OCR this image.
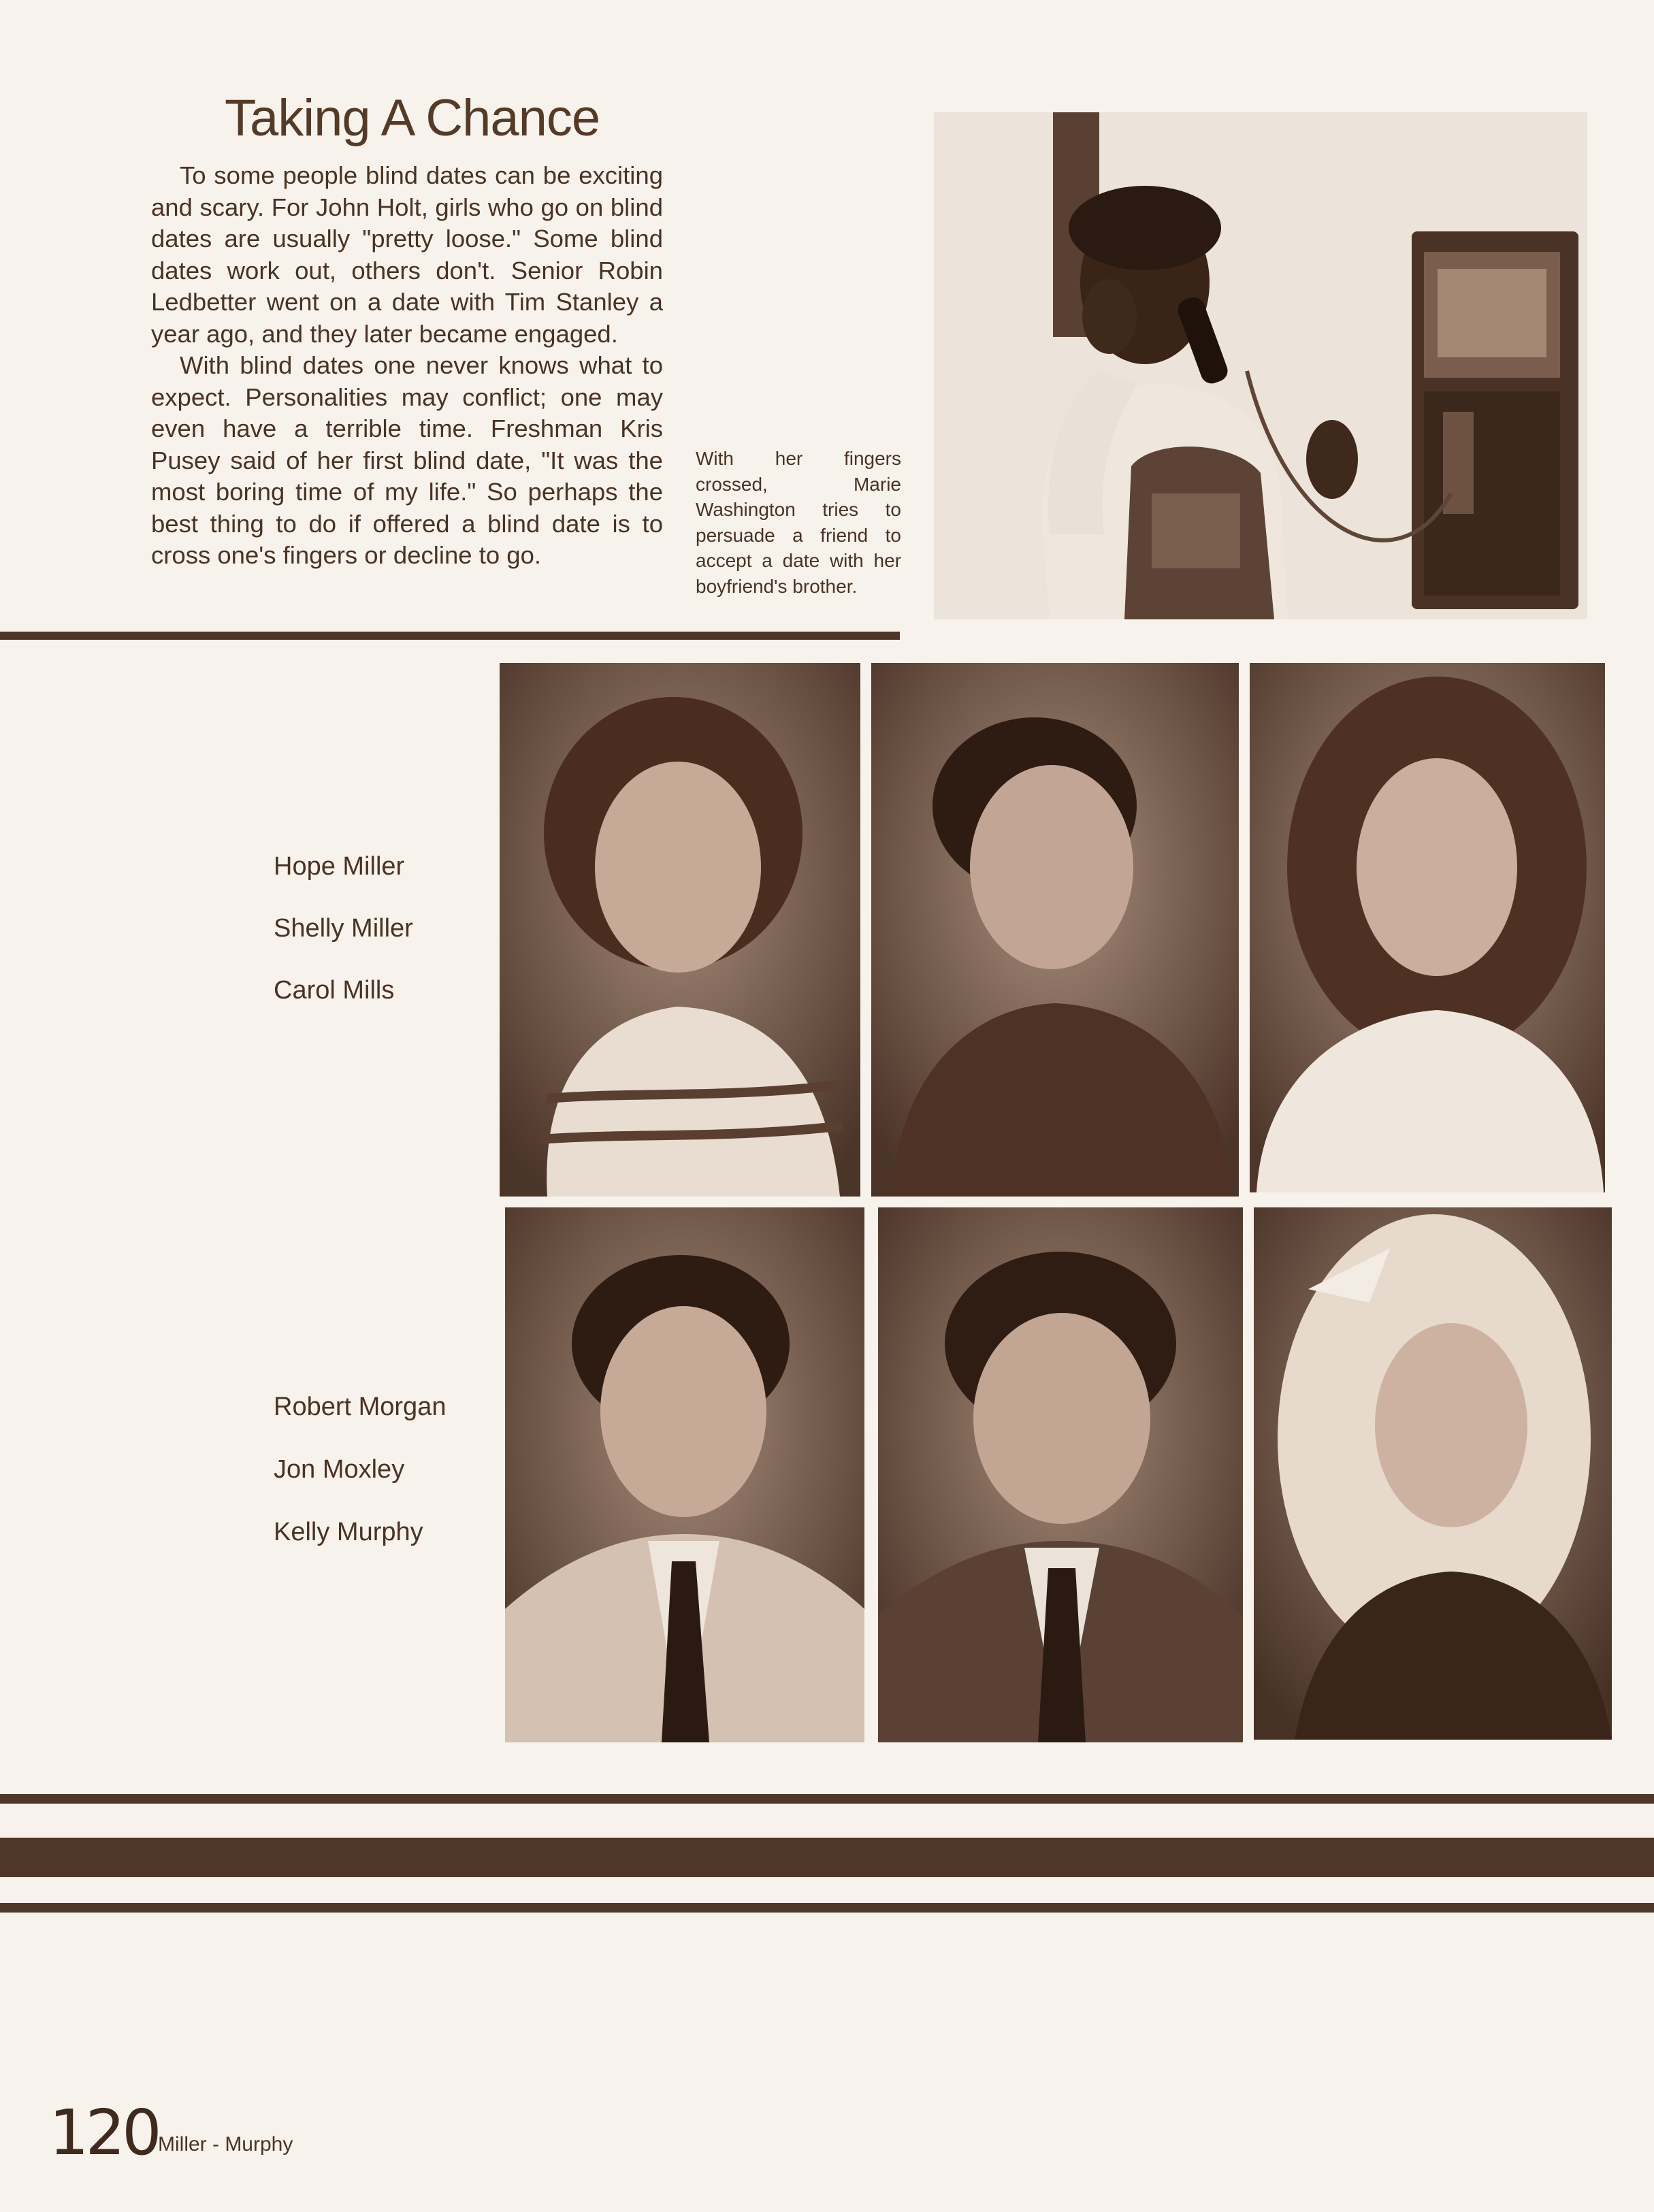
Taking A Chance

To some people blind dates can be exciting and scary. For John Holt, girls who go on blind dates are usually "pretty loose." Some blind dates work out, others don't. Senior Robin Ledbetter went on a date with Tim Stanley a year ago, and they later became engaged.

With blind dates one never knows what to expect. Personalities may conflict; one may even have a terrible time. Freshman Kris Pusey said of her first blind date, "It was the most boring time of my life." So perhaps the best thing to do if offered a blind date is to cross one's fingers or decline to go.

With her fingers crossed, Marie Washington tries to persuade a friend to accept a date with her boyfriend's brother.
Hope Miller
Shelly Miller
Carol Mills
Robert Morgan
Jon Moxley
Kelly Murphy
120 Miller - Murphy
